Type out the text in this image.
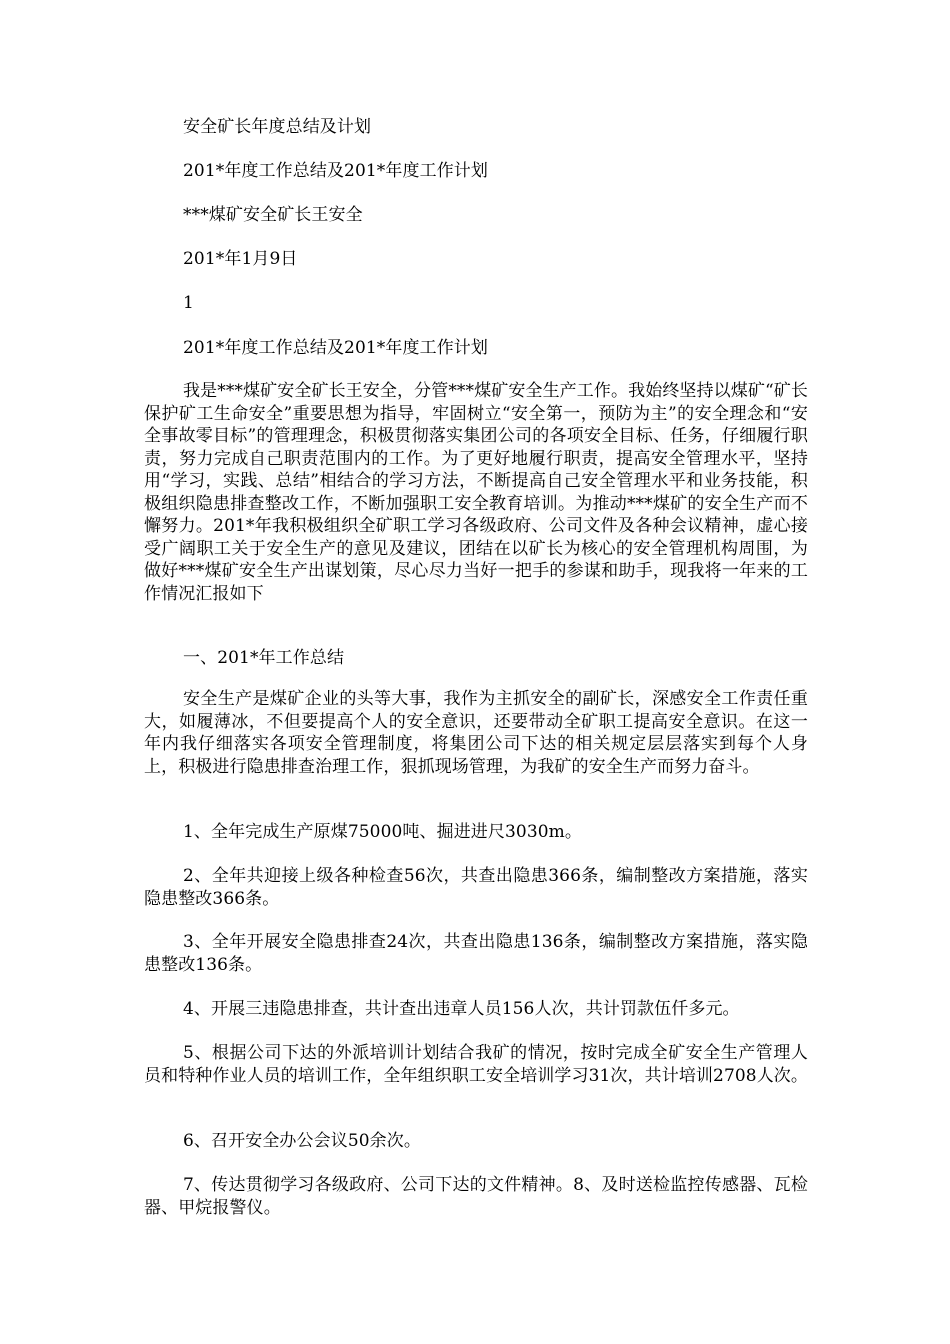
安全矿长年度总结及计划
201*年度工作总结及201*年度工作计划
***煤矿安全矿长王安全
201*年1月9日
1
201*年度工作总结及201*年度工作计划
我是***煤矿安全矿长王安全，分管***煤矿安全生产工作。我始终坚持以煤矿“矿长保护矿工生命安全”重要思想为指导，牢固树立“安全第一，预防为主”的安全理念和“安全事故零目标”的管理理念，积极贯彻落实集团公司的各项安全目标、任务，仔细履行职责，努力完成自己职责范围内的工作。为了更好地履行职责，提高安全管理水平，坚持用“学习，实践、总结”相结合的学习方法，不断提高自己安全管理水平和业务技能，积极组织隐患排查整改工作，不断加强职工安全教育培训。为推动***煤矿的安全生产而不懈努力。201*年我积极组织全矿职工学习各级政府、公司文件及各种会议精神，虚心接受广阔职工关于安全生产的意见及建议，团结在以矿长为核心的安全管理机构周围，为做好***煤矿安全生产出谋划策，尽心尽力当好一把手的参谋和助手，现我将一年来的工作情况汇报如下
一、201*年工作总结
安全生产是煤矿企业的头等大事，我作为主抓安全的副矿长，深感安全工作责任重大，如履薄冰，不但要提高个人的安全意识，还要带动全矿职工提高安全意识。在这一年内我仔细落实各项安全管理制度，将集团公司下达的相关规定层层落实到每个人身上，积极进行隐患排查治理工作，狠抓现场管理，为我矿的安全生产而努力奋斗。
1、全年完成生产原煤75000吨、掘进进尺3030m。
2、全年共迎接上级各种检查56次，共查出隐患366条，编制整改方案措施，落实隐患整改366条。
3、全年开展安全隐患排查24次，共查出隐患136条，编制整改方案措施，落实隐患整改136条。
4、开展三违隐患排查，共计查出违章人员156人次，共计罚款伍仟多元。
5、根据公司下达的外派培训计划结合我矿的情况，按时完成全矿安全生产管理人员和特种作业人员的培训工作，全年组织职工安全培训学习31次，共计培训2708人次。
6、召开安全办公会议50余次。
7、传达贯彻学习各级政府、公司下达的文件精神。8、及时送检监控传感器、瓦检器、甲烷报警仪。
